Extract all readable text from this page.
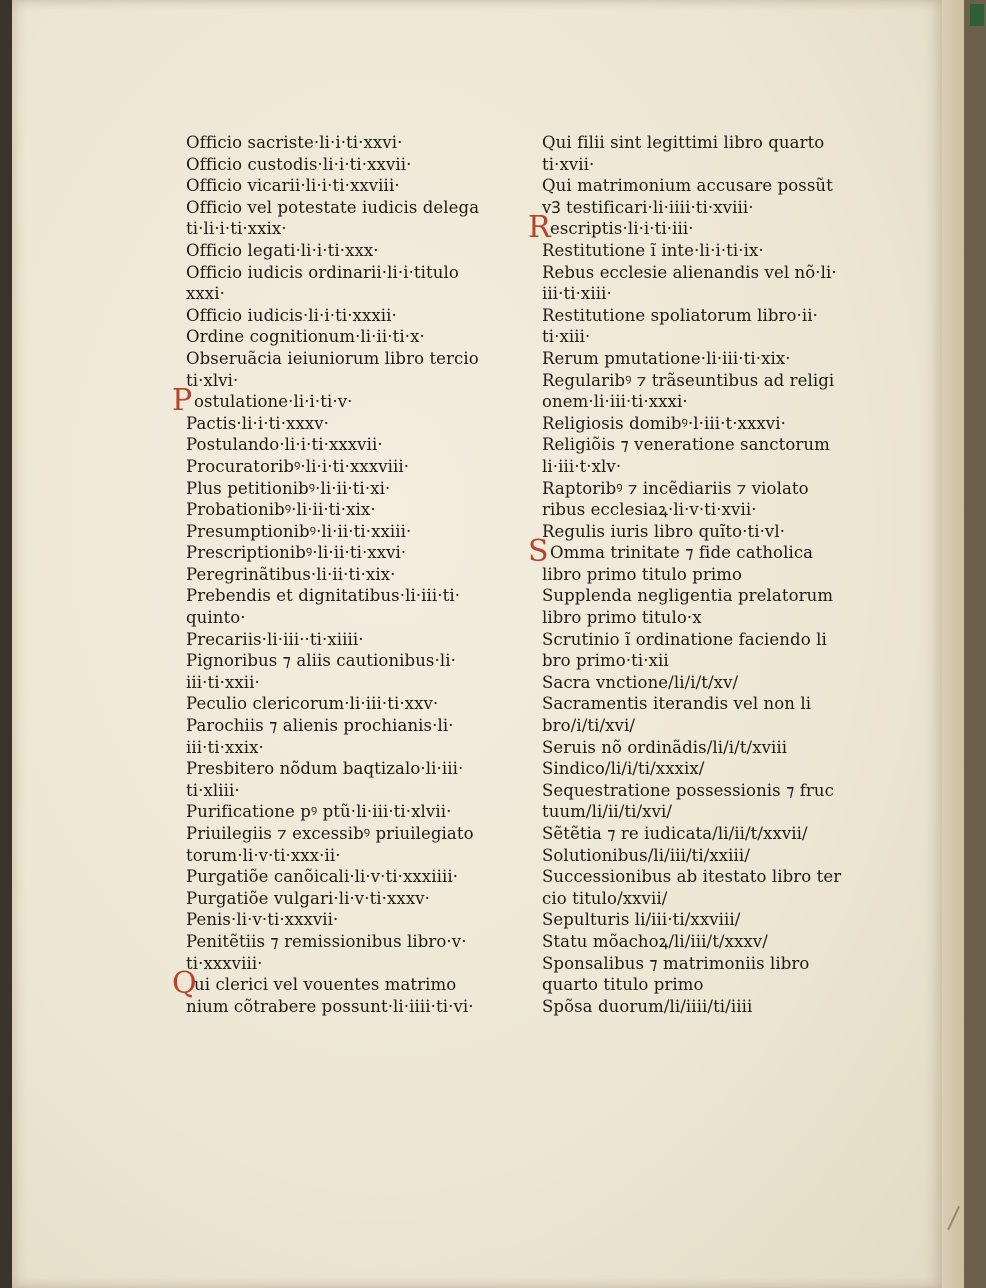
Officio sacriste·li·i·ti·xxvi·
Officio custodis·li·i·ti·xxvii·
Officio vicarii·li·i·ti·xxviii·
Officio vel potestate iudicis delega
ti·li·i·ti·xxix·
Officio legati·li·i·ti·xxx·
Officio iudicis ordinarii·li·i·titulo
xxxi·
Officio iudicis·li·i·ti·xxxii·
Ordine cognitionum·li·ii·ti·x·
Obseruãcia ieiuniorum libro tercio
ti·xlvi·
Postulatione·li·i·ti·v·
Pactis·li·i·ti·xxxv·
Postulando·li·i·ti·xxxvii·
Procuratoribꝰ·li·i·ti·xxxviii·
Plus petitionibꝰ·li·ii·ti·xi·
Probationibꝰ·li·ii·ti·xix·
Presumptionibꝰ·li·ii·ti·xxiii·
Prescriptionibꝰ·li·ii·ti·xxvi·
Peregrinãtibus·li·ii·ti·xix·
Prebendis et dignitatibus·li·iii·ti·
quinto·
Precariis·li·iii··ti·xiiii·
Pignoribus ⁊ aliis cautionibus·li·
iii·ti·xxii·
Peculio clericorum·li·iii·ti·xxv·
Parochiis ⁊ alienis prochianis·li·
iii·ti·xxix·
Presbitero nõdum baqtizalo·li·iii·
ti·xliii·
Purificatione pꝰ ptũ·li·iii·ti·xlvii·
Priuilegiis ⁊ excessibꝰ priuilegiato
torum·li·v·ti·xxx·ii·
Purgatiõe canõicali·li·v·ti·xxxiiii·
Purgatiõe vulgari·li·v·ti·xxxv·
Penis·li·v·ti·xxxvii·
Penitẽtiis ⁊ remissionibus libro·v·
ti·xxxviii·
Qui clerici vel vouentes matrimo
nium cõtrabere possunt·li·iiii·ti·vi·
Qui filii sint legittimi libro quarto
ti·xvii·
Qui matrimonium accusare possũt
vꝪ testificari·li·iiii·ti·xviii·
Rescriptis·li·i·ti·iii·
Restitutione ĩ inte·li·i·ti·ix·
Rebus ecclesie alienandis vel nõ·li·
iii·ti·xiii·
Restitutione spoliatorum libro·ii·
ti·xiii·
Rerum pmutatione·li·iii·ti·xix·
Regularibꝰ ⁊ trãseuntibus ad religi
onem·li·iii·ti·xxxi·
Religiosis domibꝰ·l·iii·t·xxxvi·
Religiõis ⁊ veneratione sanctorum
li·iii·t·xlv·
Raptoribꝰ ⁊ incẽdiariis ⁊ violato
ribus ecclesiaꝝ·li·v·ti·xvii·
Regulis iuris libro quĩto·ti·vl·
SOmma trinitate ⁊ fide catholica
libro primo titulo primo
Supplenda negligentia prelatorum
libro primo titulo·x
Scrutinio ĩ ordinatione faciendo li
bro primo·ti·xii
Sacra vnctione/li/i/t/xv/
Sacramentis iterandis vel non li
bro/i/ti/xvi/
Seruis nõ ordinãdis/li/i/t/xviii
Sindico/li/i/ti/xxxix/
Sequestratione possessionis ⁊ fruc
tuum/li/ii/ti/xvi/
Sẽtẽtia ⁊ re iudicata/li/ii/t/xxvii/
Solutionibus/li/iii/ti/xxiii/
Successionibus ab itestato libro ter
cio titulo/xxvii/
Sepulturis li/iii·ti/xxviii/
Statu mõachoꝝ/li/iii/t/xxxv/
Sponsalibus ⁊ matrimoniis libro
quarto titulo primo
Spõsa duorum/li/iiii/ti/iiii
